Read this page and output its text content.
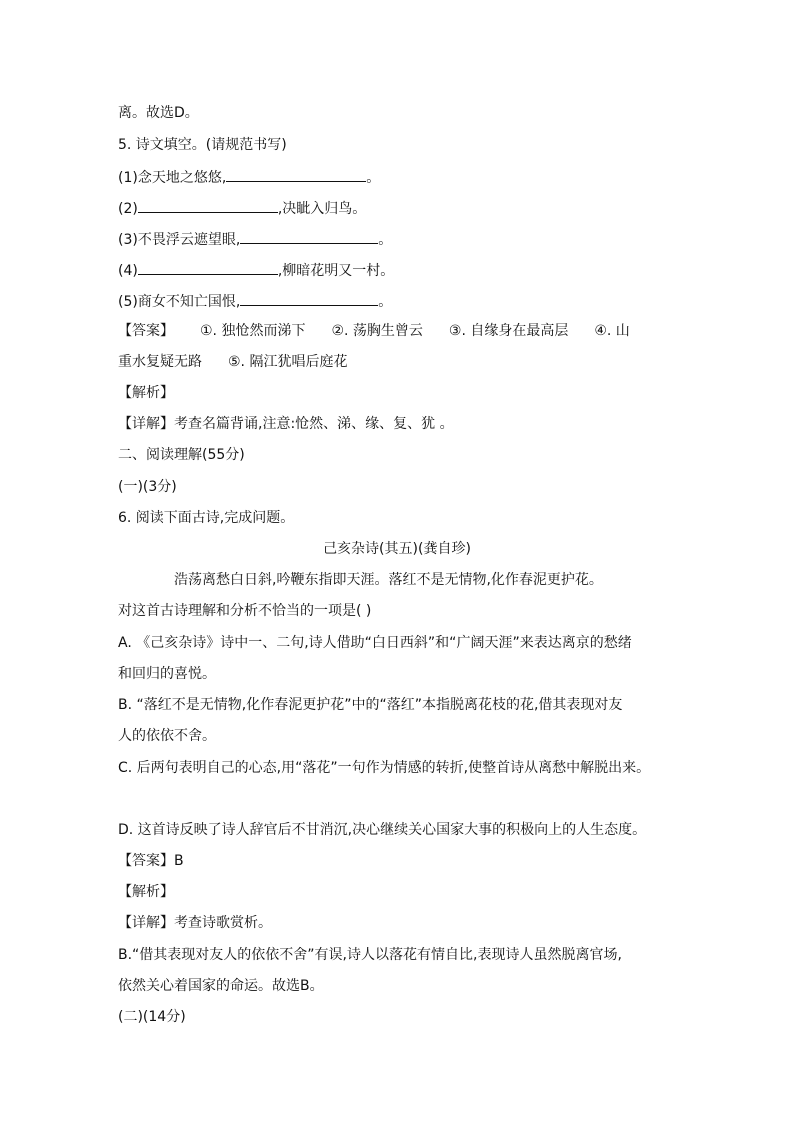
离。故选D。
5. 诗文填空。(请规范书写)
(1)念天地之悠悠,	。
(2)	,决眦入归鸟。
(3)不畏浮云遮望眼,	。
(4)	,柳暗花明又一村。
(5)商女不知亡国恨,	。
【答案】 ①. 独怆然而涕下 ②. 荡胸生曾云 ③. 自缘身在最高层 ④. 山
重水复疑无路 ⑤. 隔江犹唱后庭花
【解析】
【详解】考查名篇背诵,注意:怆然、涕、缘、复、犹 。
二、阅读理解(55分)
(一)(3分)
6. 阅读下面古诗,完成问题。
己亥杂诗(其五)(龚自珍)
浩荡离愁白日斜,吟鞭东指即天涯。落红不是无情物,化作春泥更护花。
对这首古诗理解和分析不恰当的一项是( )
A. 《己亥杂诗》诗中一、二句,诗人借助“白日西斜”和“广阔天涯”来表达离京的愁绪
和回归的喜悦。
B. “落红不是无情物,化作春泥更护花”中的“落红”本指脱离花枝的花,借其表现对友
人的依依不舍。
C. 后两句表明自己的心态,用“落花”一句作为情感的转折,使整首诗从离愁中解脱出来。
D. 这首诗反映了诗人辞官后不甘消沉,决心继续关心国家大事的积极向上的人生态度。
【答案】B
【解析】
【详解】考查诗歌赏析。
B.“借其表现对友人的依依不舍”有误,诗人以落花有情自比,表现诗人虽然脱离官场,
依然关心着国家的命运。故选B。
(二)(14分)
